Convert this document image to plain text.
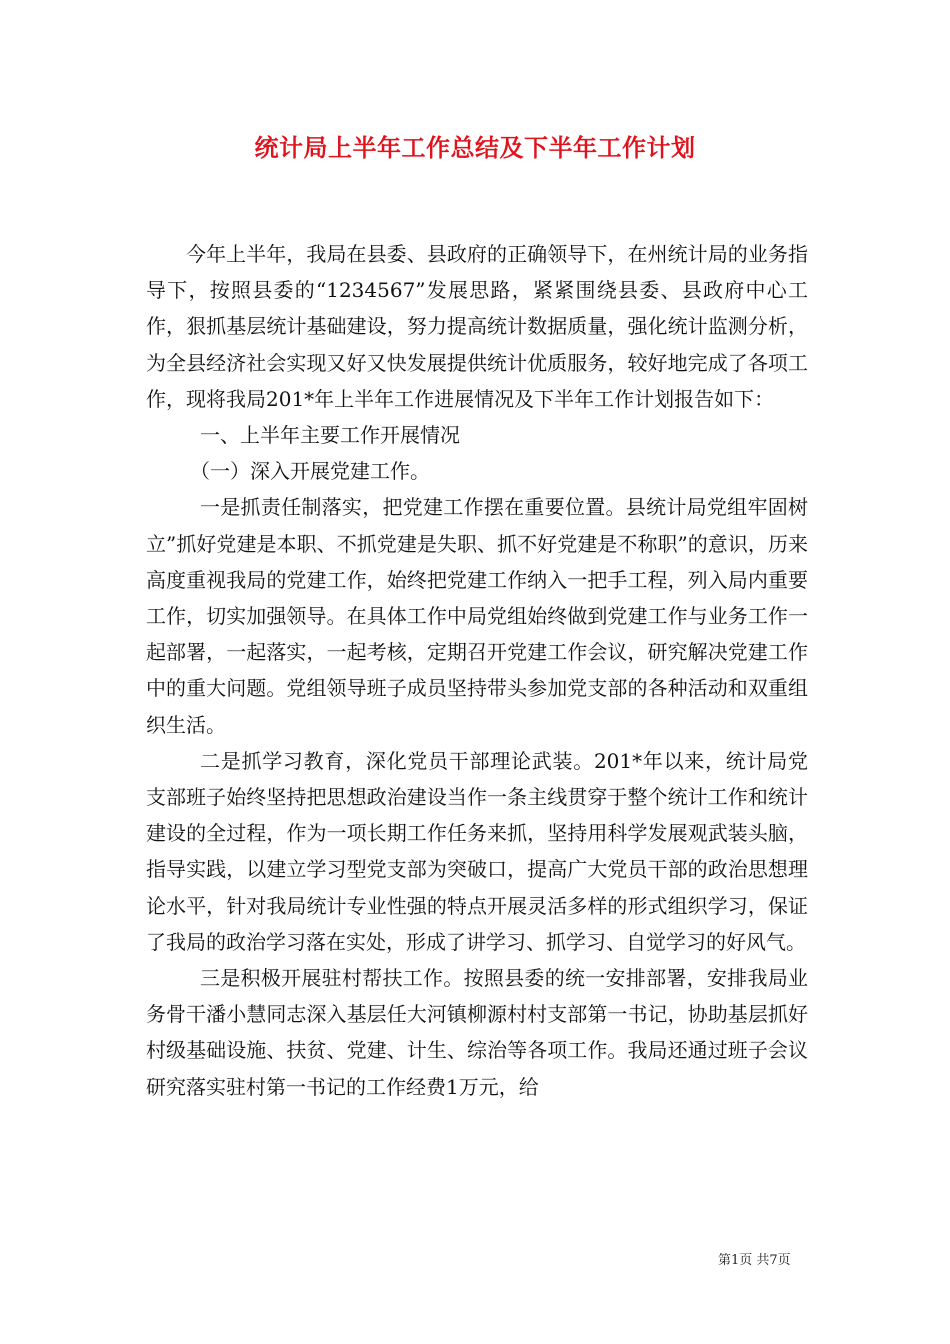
统计局上半年工作总结及下半年工作计划

今年上半年，我局在县委、县政府的正确领导下，在州统计局的业务指导下，按照县委的“1234567”发展思路，紧紧围绕县委、县政府中心工作，狠抓基层统计基础建设，努力提高统计数据质量，强化统计监测分析，为全县经济社会实现又好又快发展提供统计优质服务，较好地完成了各项工作，现将我局201*年上半年工作进展情况及下半年工作计划报告如下：

一、上半年主要工作开展情况

（一）深入开展党建工作。

一是抓责任制落实，把党建工作摆在重要位置。县统计局党组牢固树立”抓好党建是本职、不抓党建是失职、抓不好党建是不称职”的意识，历来高度重视我局的党建工作，始终把党建工作纳入一把手工程，列入局内重要工作，切实加强领导。在具体工作中局党组始终做到党建工作与业务工作一起部署，一起落实，一起考核，定期召开党建工作会议，研究解决党建工作中的重大问题。党组领导班子成员坚持带头参加党支部的各种活动和双重组织生活。

二是抓学习教育，深化党员干部理论武装。201*年以来，统计局党支部班子始终坚持把思想政治建设当作一条主线贯穿于整个统计工作和统计建设的全过程，作为一项长期工作任务来抓，坚持用科学发展观武装头脑，指导实践，以建立学习型党支部为突破口，提高广大党员干部的政治思想理论水平，针对我局统计专业性强的特点开展灵活多样的形式组织学习，保证了我局的政治学习落在实处，形成了讲学习、抓学习、自觉学习的好风气。

三是积极开展驻村帮扶工作。按照县委的统一安排部署，安排我局业务骨干潘小慧同志深入基层任大河镇柳源村村支部第一书记，协助基层抓好村级基础设施、扶贫、党建、计生、综治等各项工作。我局还通过班子会议研究落实驻村第一书记的工作经费1万元，给

第1页 共7页
